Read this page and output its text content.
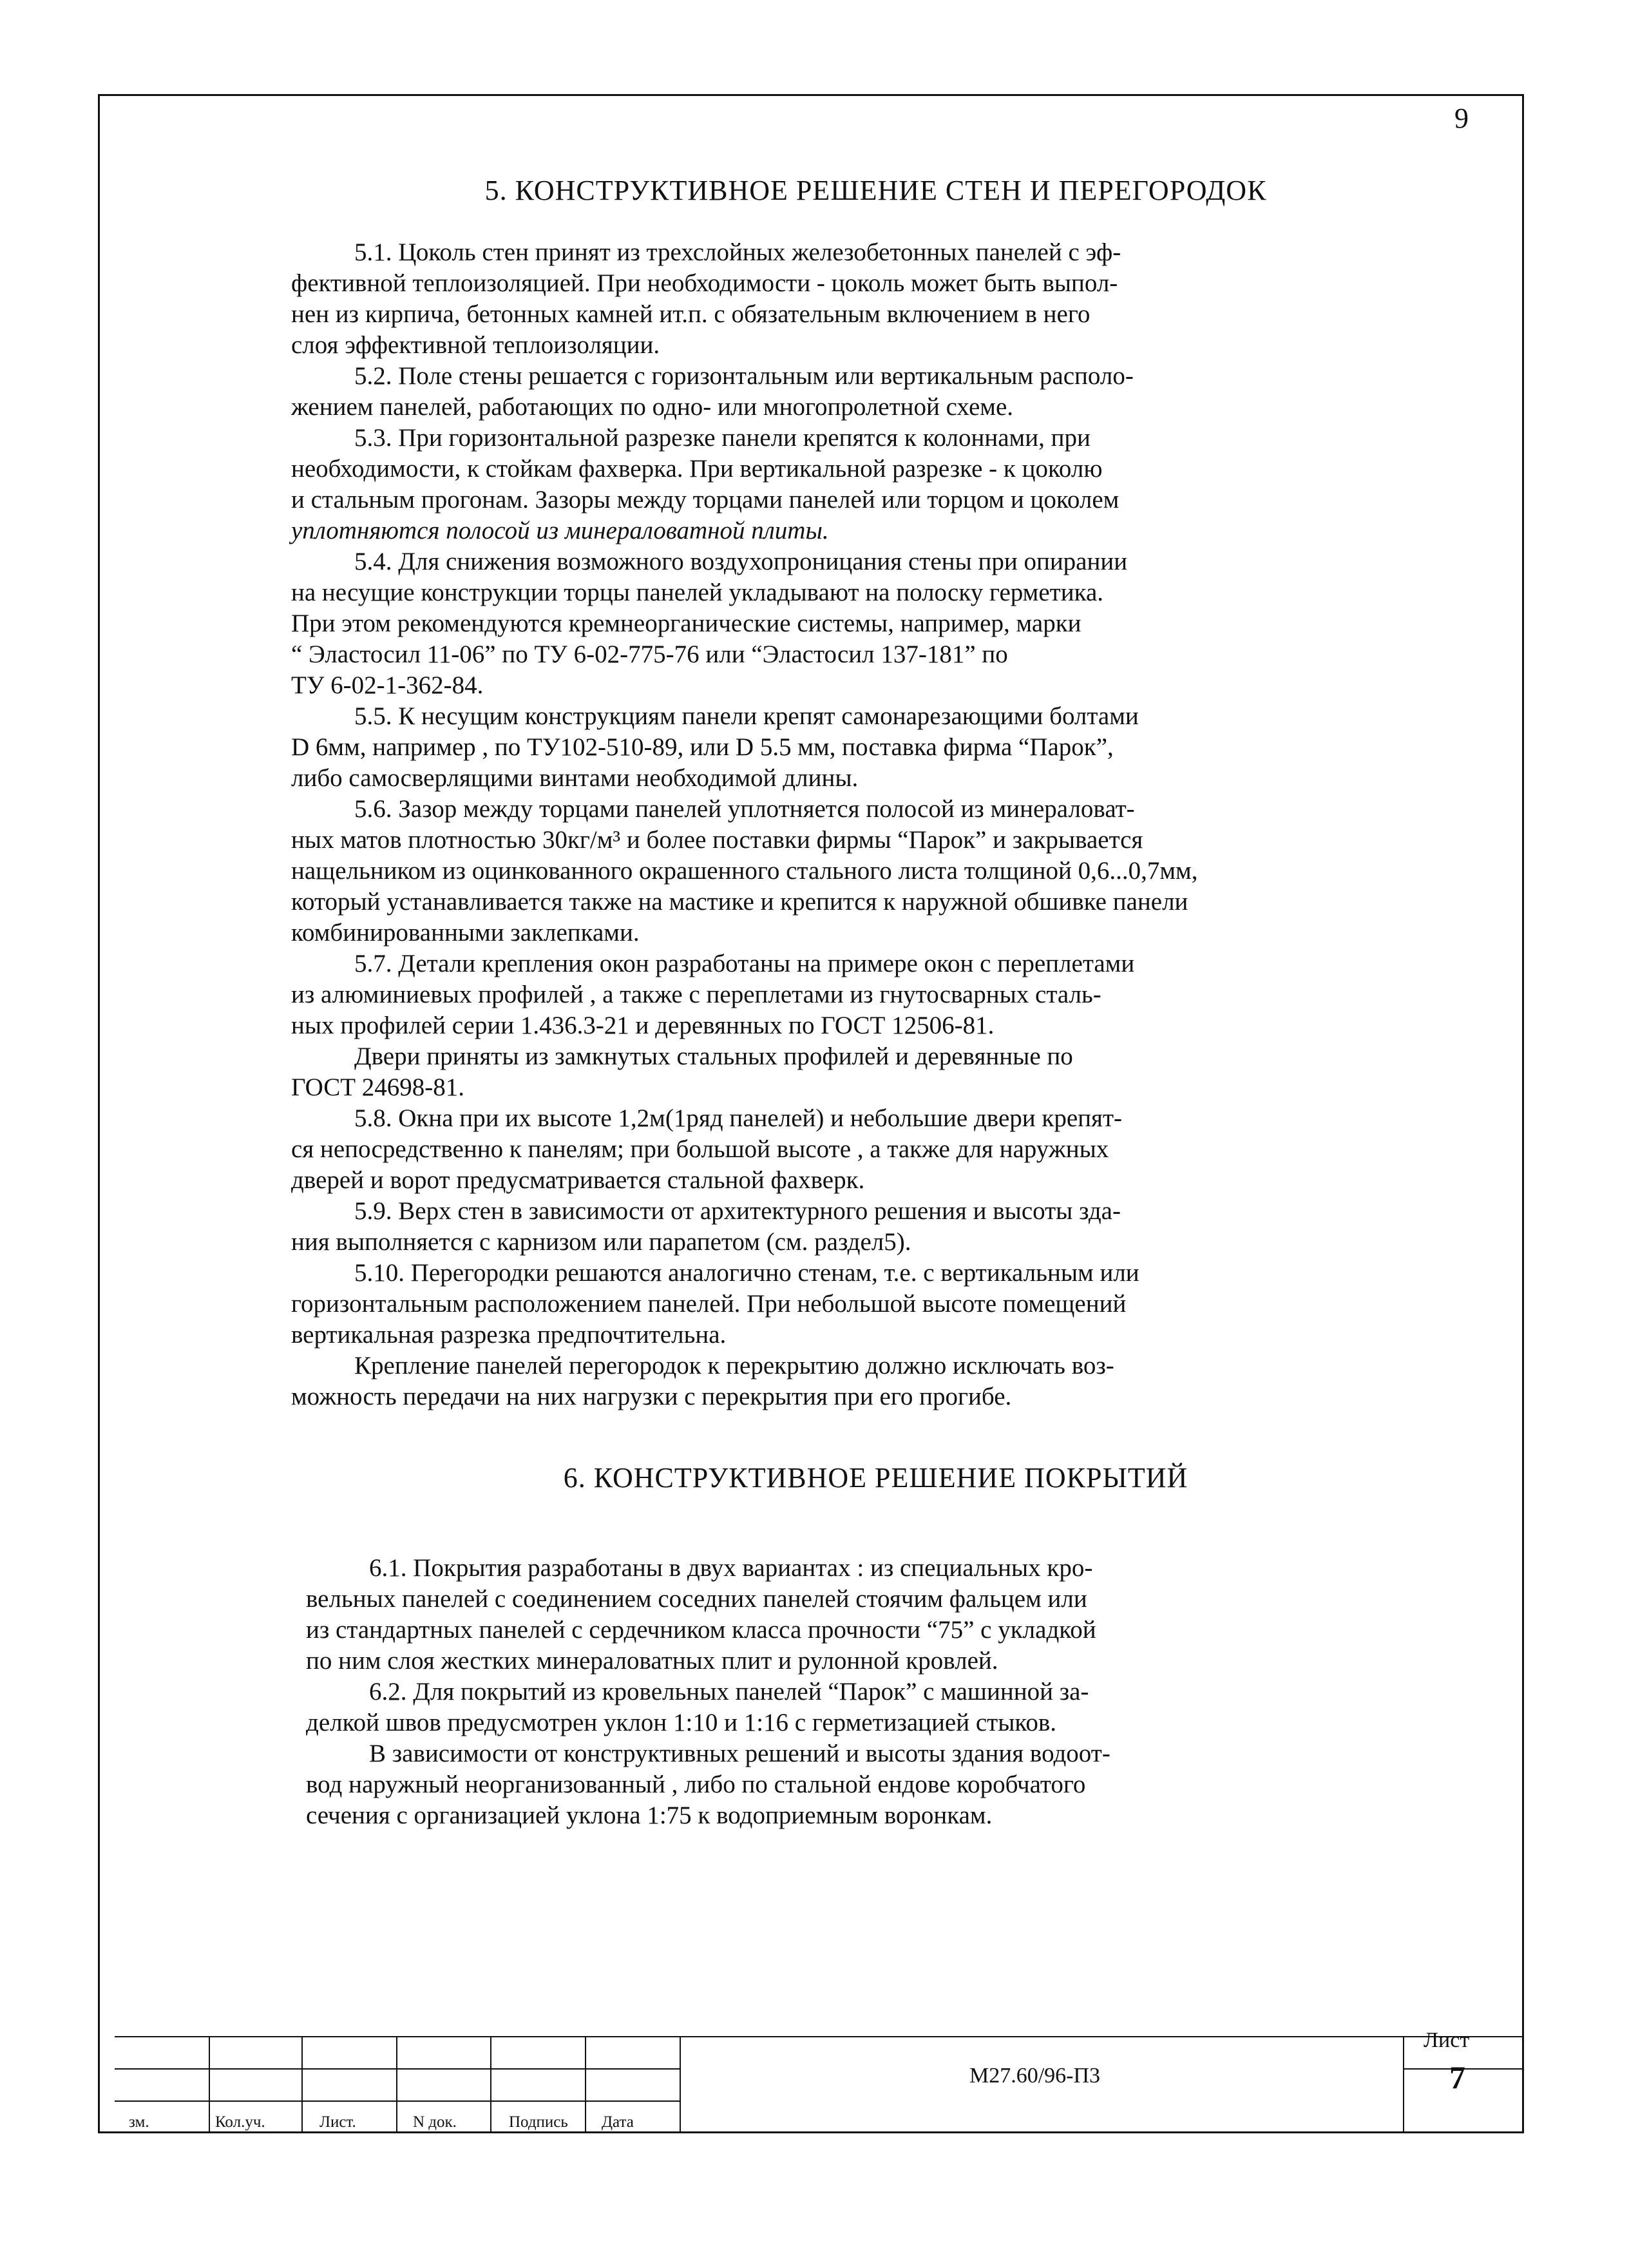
9
5. КОНСТРУКТИВНОЕ РЕШЕНИЕ СТЕН И ПЕРЕГОРОДОК

5.1. Цоколь стен принят из трехслойных железобетонных панелей с эф-

фективной теплоизоляцией. При необходимости - цоколь может быть выпол-

нен из кирпича, бетонных камней ит.п. с обязательным включением в него

слоя эффективной теплоизоляции.

5.2. Поле стены решается с горизонтальным или вертикальным располо-

жением панелей, работающих по одно- или многопролетной схеме.

5.3. При горизонтальной разрезке панели крепятся к колоннами, при

необходимости, к стойкам фахверка. При вертикальной разрезке - к цоколю

и стальным прогонам. Зазоры между торцами панелей или торцом и цоколем

уплотняются полосой из минераловатной плиты.

5.4. Для снижения возможного воздухопроницания стены при опирании

на несущие конструкции торцы панелей укладывают на полоску герметика.

При этом рекомендуются кремнеорганические системы, например, марки

“ Эластосил 11-06” по ТУ 6-02-775-76 или “Эластосил 137-181” по

ТУ 6-02-1-362-84.

5.5. К несущим конструкциям панели крепят самонарезающими болтами

D 6мм, например , по ТУ102-510-89, или D 5.5 мм, поставка фирма “Парок”,

либо самосверлящими винтами необходимой длины.

5.6. Зазор между торцами панелей уплотняется полосой из минераловат-

ных матов плотностью 30кг/м³ и более поставки фирмы “Парок” и закрывается

нащельником из оцинкованного окрашенного стального листа толщиной 0,6...0,7мм,

который устанавливается также на мастике и крепится к наружной обшивке панели

комбинированными заклепками.

5.7. Детали крепления окон разработаны на примере окон с переплетами

из алюминиевых профилей , а также с переплетами из гнутосварных сталь-

ных профилей серии 1.436.3-21 и деревянных по ГОСТ 12506-81.

Двери приняты из замкнутых стальных профилей и деревянные по

ГОСТ 24698-81.

5.8. Окна при их высоте 1,2м(1ряд панелей) и небольшие двери крепят-

ся непосредственно к панелям; при большой высоте , а также для наружных

дверей и ворот предусматривается стальной фахверк.

5.9. Верх стен в зависимости от архитектурного решения и высоты зда-

ния выполняется с карнизом или парапетом (см. раздел5).

5.10. Перегородки решаются аналогично стенам, т.е. с вертикальным или

горизонтальным расположением панелей. При небольшой высоте помещений

вертикальная разрезка предпочтительна.

Крепление панелей перегородок к перекрытию должно исключать воз-

можность передачи на них нагрузки с перекрытия при его прогибе.

6. КОНСТРУКТИВНОЕ РЕШЕНИЕ ПОКРЫТИЙ

6.1. Покрытия разработаны в двух вариантах : из специальных кро-

вельных панелей с соединением соседних панелей стоячим фальцем или

из стандартных панелей с сердечником класса прочности “75” с укладкой

по ним слоя жестких минераловатных плит и рулонной кровлей.

6.2. Для покрытий из кровельных панелей “Парок” с машинной за-

делкой швов предусмотрен уклон 1:10 и 1:16 с герметизацией стыков.

В зависимости от конструктивных решений и высоты здания водоот-

вод наружный неорганизованный , либо по стальной ендове коробчатого

сечения с организацией уклона 1:75 к водоприемным воронкам.

зм.	Кол.уч.	Лист.	N док.	Подпись Дата
М27.60/96-П3
Лист
7
